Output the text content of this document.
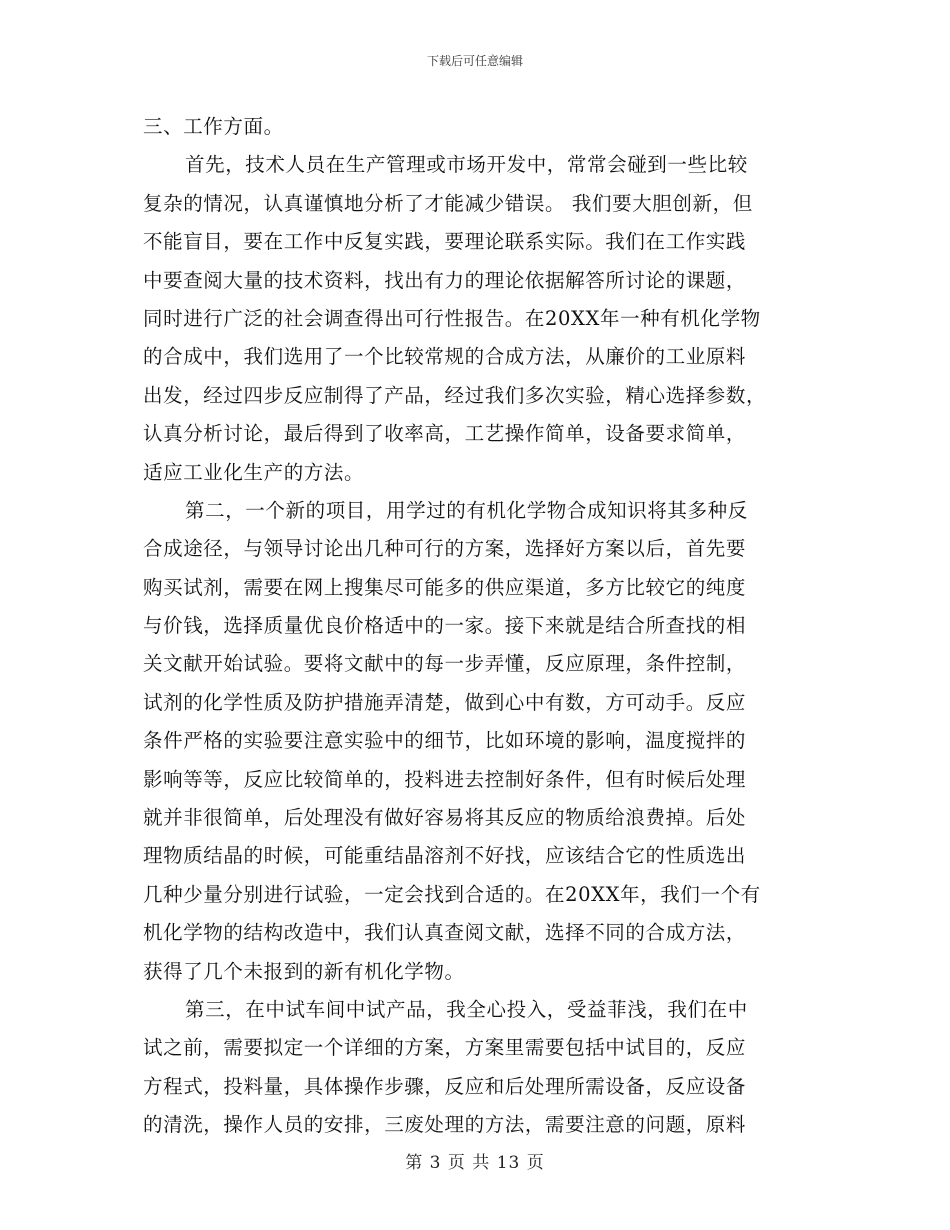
下载后可任意编辑
三、工作方面。
首先，技术人员在生产管理或市场开发中，常常会碰到一些比较
复杂的情况，认真谨慎地分析了才能减少错误。 我们要大胆创新，但
不能盲目，要在工作中反复实践，要理论联系实际。我们在工作实践
中要查阅大量的技术资料，找出有力的理论依据解答所讨论的课题，
同时进行广泛的社会调查得出可行性报告。在20XX年一种有机化学物
的合成中，我们选用了一个比较常规的合成方法，从廉价的工业原料
出发，经过四步反应制得了产品，经过我们多次实验，精心选择参数，
认真分析讨论，最后得到了收率高，工艺操作简单，设备要求简单，
适应工业化生产的方法。
第二，一个新的项目，用学过的有机化学物合成知识将其多种反
合成途径，与领导讨论出几种可行的方案，选择好方案以后，首先要
购买试剂，需要在网上搜集尽可能多的供应渠道，多方比较它的纯度
与价钱，选择质量优良价格适中的一家。接下来就是结合所查找的相
关文献开始试验。要将文献中的每一步弄懂，反应原理，条件控制，
试剂的化学性质及防护措施弄清楚，做到心中有数，方可动手。反应
条件严格的实验要注意实验中的细节，比如环境的影响，温度搅拌的
影响等等，反应比较简单的，投料进去控制好条件，但有时候后处理
就并非很简单，后处理没有做好容易将其反应的物质给浪费掉。后处
理物质结晶的时候，可能重结晶溶剂不好找，应该结合它的性质选出
几种少量分别进行试验，一定会找到合适的。在20XX年，我们一个有
机化学物的结构改造中，我们认真查阅文献，选择不同的合成方法，
获得了几个未报到的新有机化学物。
第三，在中试车间中试产品，我全心投入，受益菲浅，我们在中
试之前，需要拟定一个详细的方案，方案里需要包括中试目的，反应
方程式，投料量，具体操作步骤，反应和后处理所需设备，反应设备
的清洗，操作人员的安排，三废处理的方法，需要注意的问题，原料
第 3 页 共 13 页
